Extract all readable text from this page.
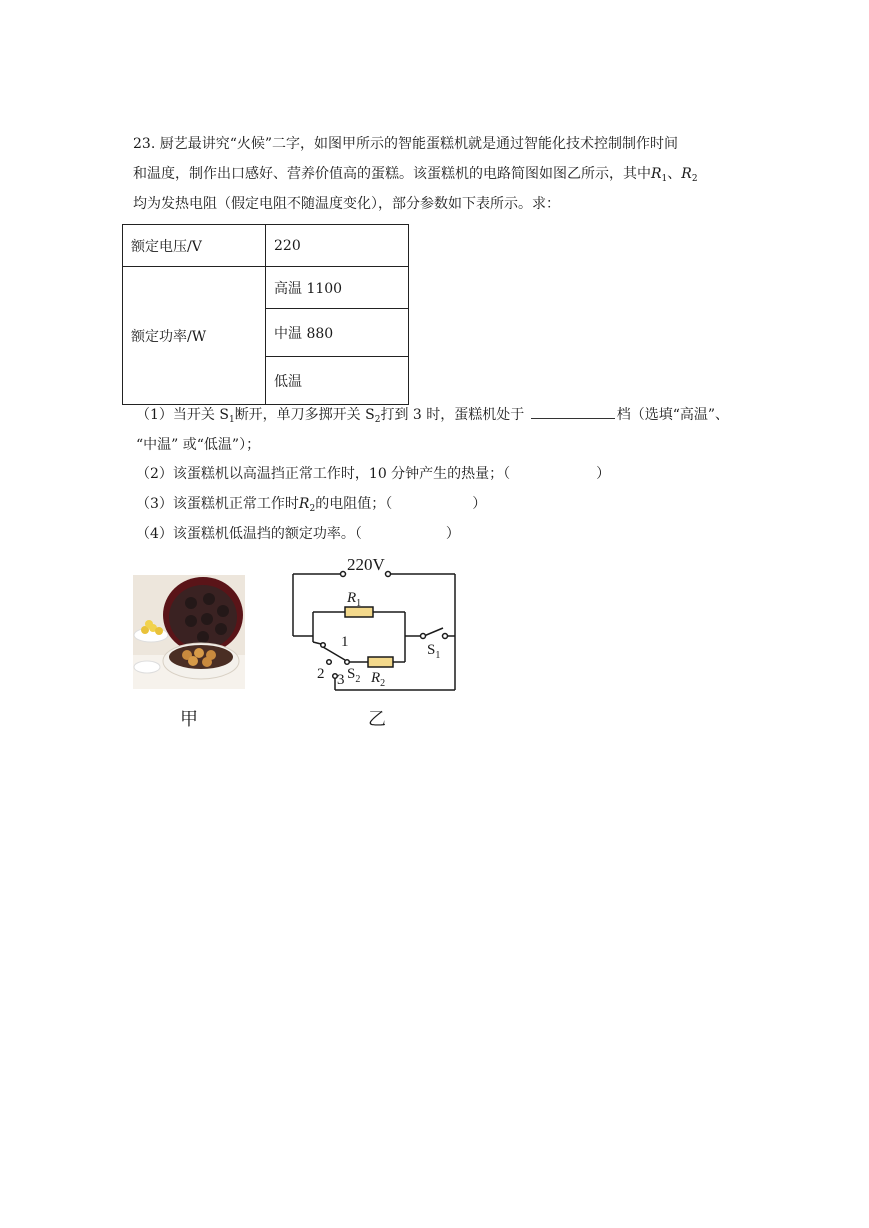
23. 厨艺最讲究“火候”二字，如图甲所示的智能蛋糕机就是通过智能化技术控制制作时间
和温度，制作出口感好、营养价值高的蛋糕。该蛋糕机的电路简图如图乙所示，其中$R_1$、$R_2$
均为发热电阻（假定电阻不随温度变化），部分参数如下表所示。求：
额定电压/V	220
额定功率/W	高温 1100
	中温 880
	低温
（1）当开关 $S_1$断开，单刀多掷开关 $S_2$打到 3 时，蛋糕机处于	档（选填“高温”、
“中温” 或“低温”）；
（2）该蛋糕机以高温挡正常工作时，10 分钟产生的热量；（	）
（3）该蛋糕机正常工作时$R_2$的电阻值；（	）
（4）该蛋糕机低温挡的额定功率。（	）
甲
220V
$R_1$
$S_1$
1
2 3 $S_2$ $R_2$
乙
